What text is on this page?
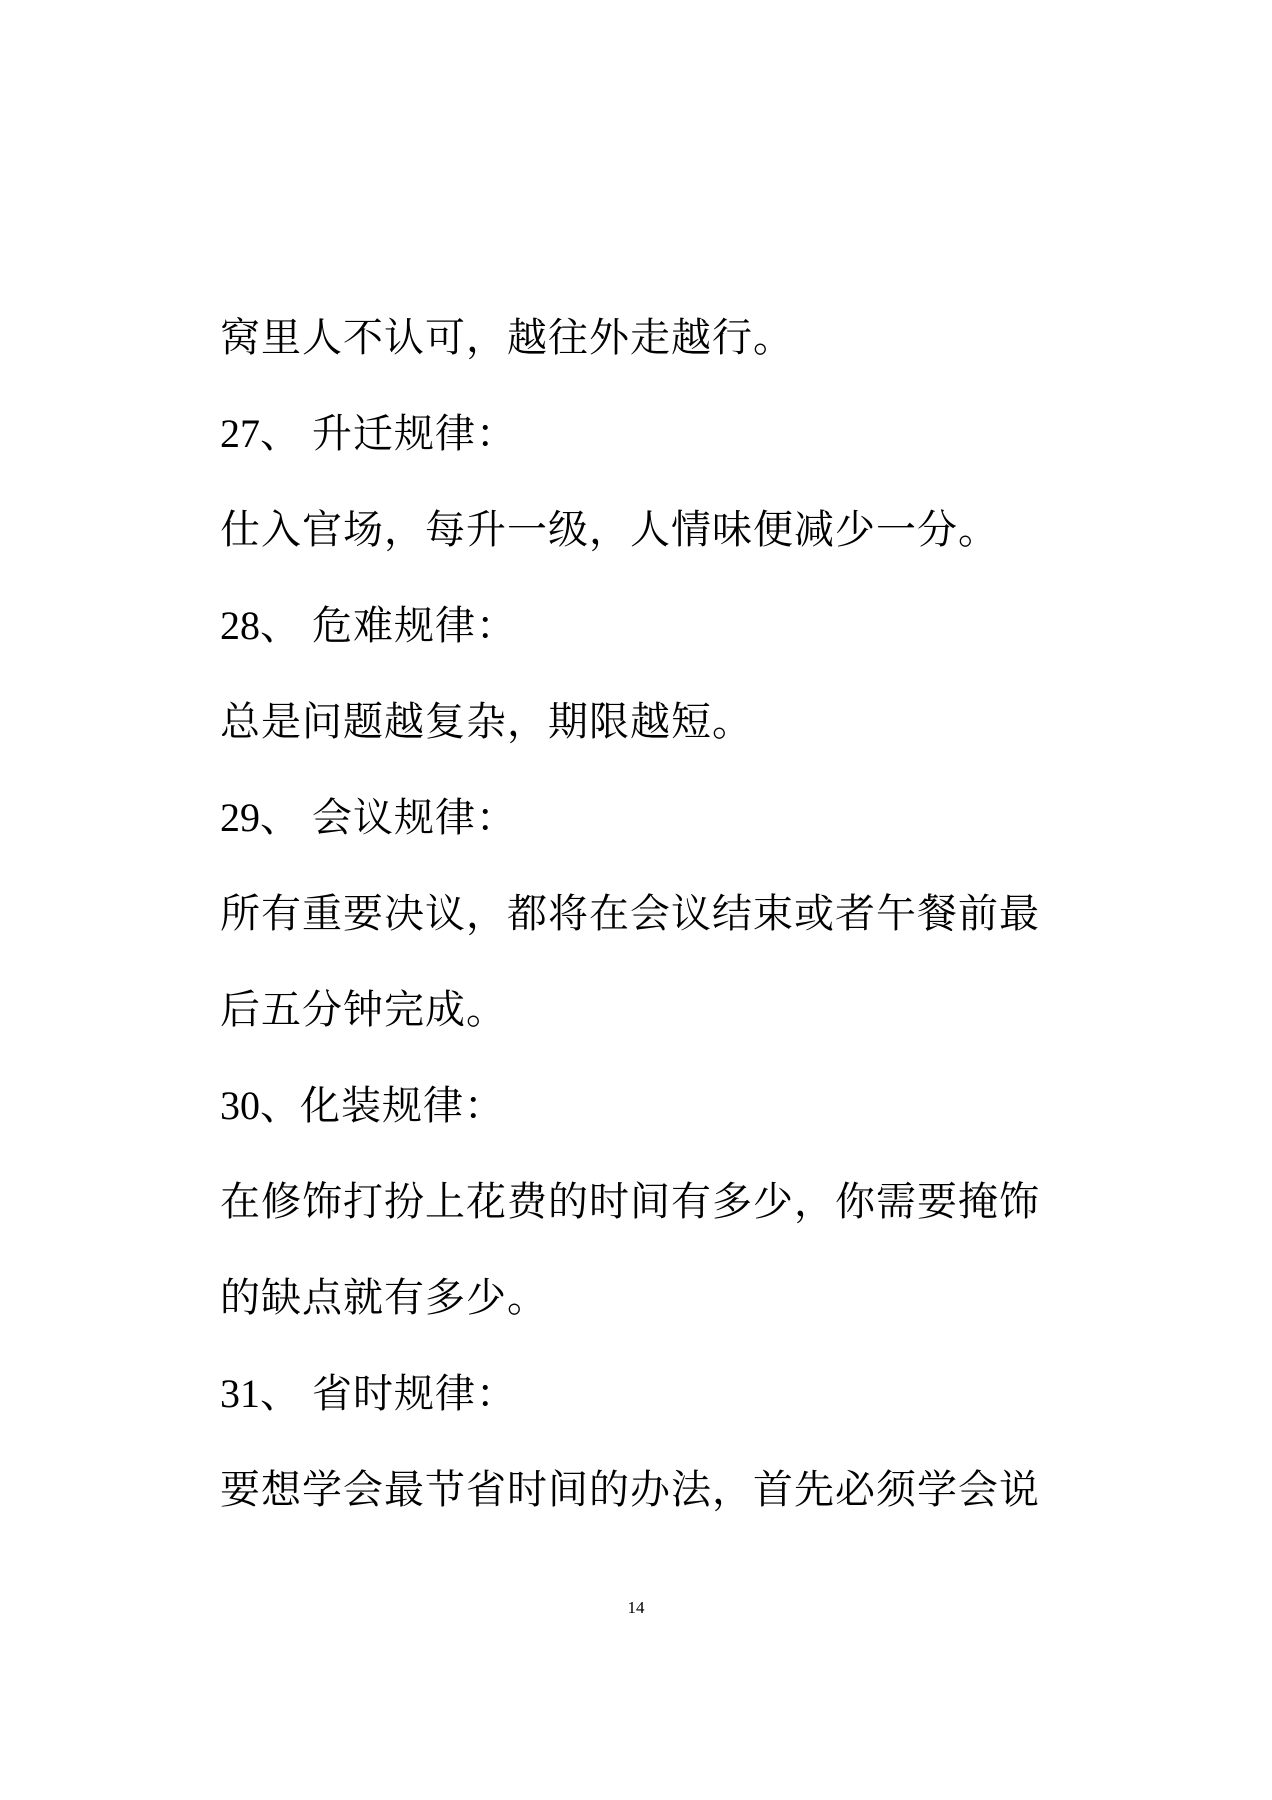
窝里人不认可，越往外走越行。
27、 升迁规律：
仕入官场，每升一级，人情味便减少一分。
28、 危难规律：
总是问题越复杂，期限越短。
29、 会议规律：
所有重要决议，都将在会议结束或者午餐前最
后五分钟完成。
30、化装规律：
在修饰打扮上花费的时间有多少，你需要掩饰
的缺点就有多少。
31、 省时规律：
要想学会最节省时间的办法，首先必须学会说
14
